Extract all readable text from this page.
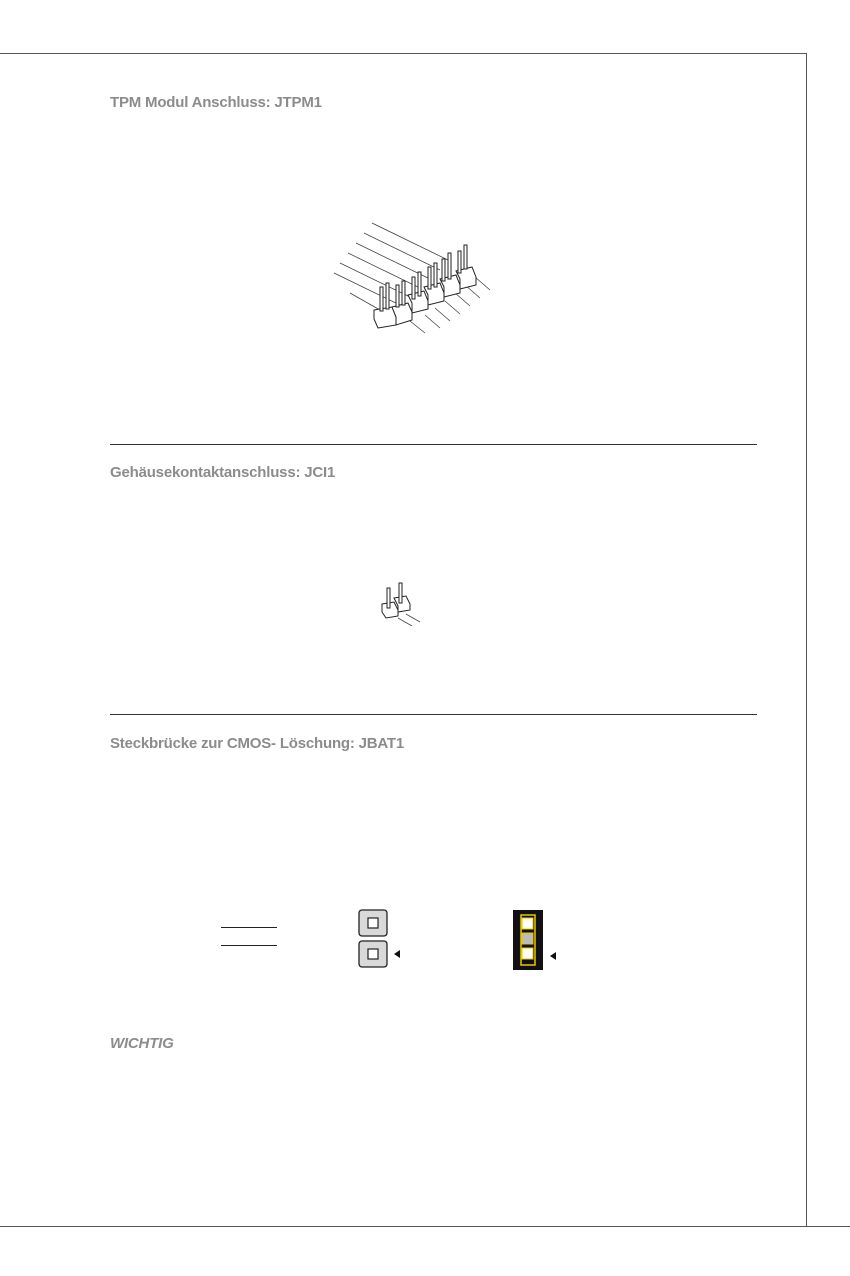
TPM Modul Anschluss: JTPM1
Gehäusekontaktanschluss: JCI1
Steckbrücke zur CMOS- Löschung: JBAT1
WICHTIG
